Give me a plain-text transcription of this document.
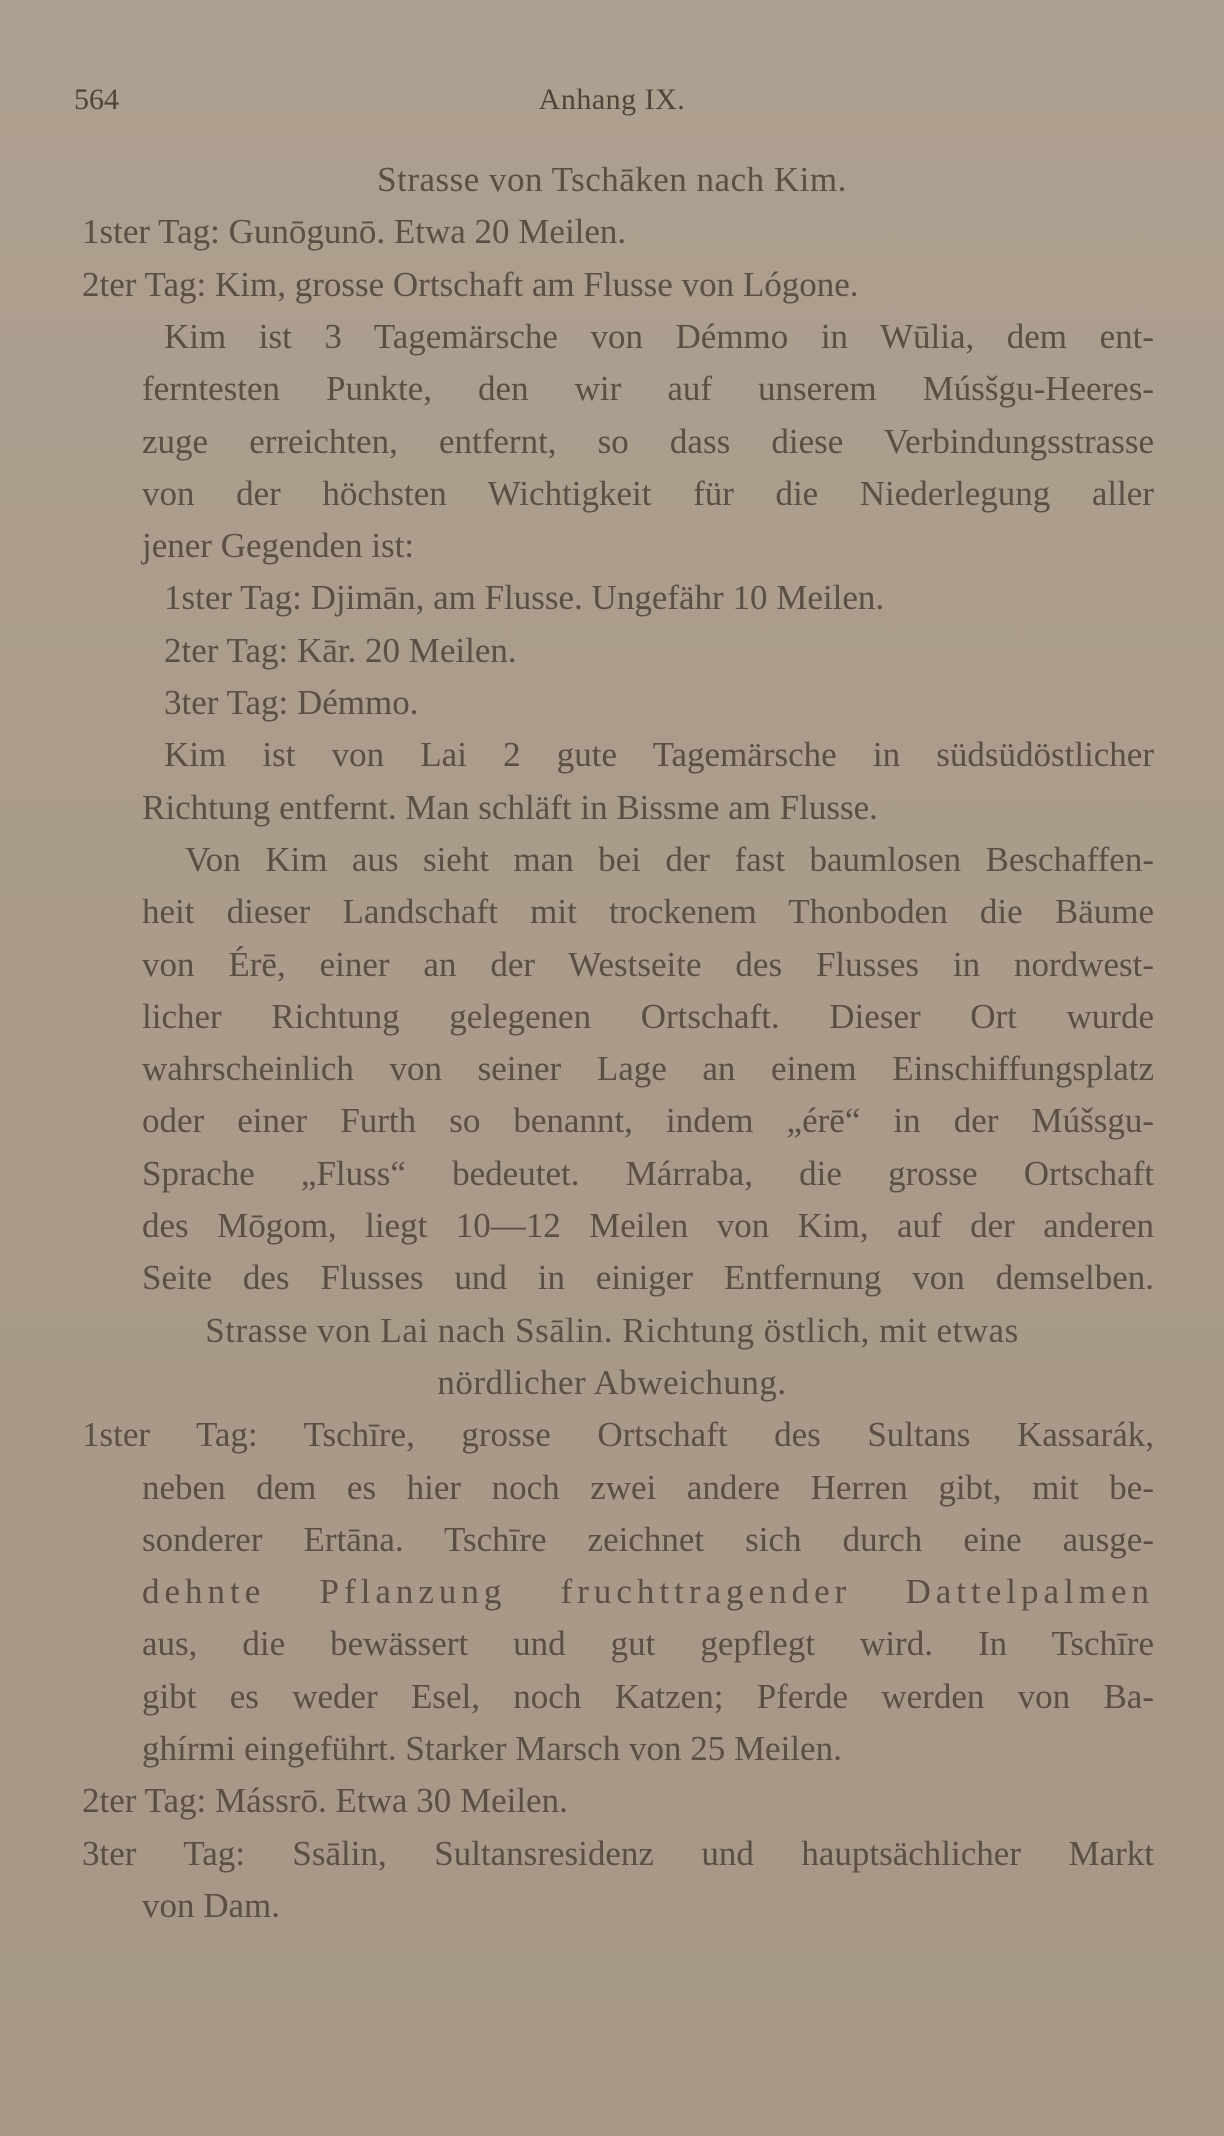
564	Anhang IX.
Strasse von Tschāken nach Kim.
1ster Tag: Gunōgunō. Etwa 20 Meilen.
2ter Tag: Kim, grosse Ortschaft am Flusse von Lógone.
Kim ist 3 Tagemärsche von Démmo in Wūlia, dem ent-
ferntesten Punkte, den wir auf unserem Músšgu-Heeres-
zuge erreichten, entfernt, so dass diese Verbindungsstrasse
von der höchsten Wichtigkeit für die Niederlegung aller
jener Gegenden ist:
1ster Tag: Djimān, am Flusse. Ungefähr 10 Meilen.
2ter Tag: Kār. 20 Meilen.
3ter Tag: Démmo.
Kim ist von Lai 2 gute Tagemärsche in südsüdöstlicher
Richtung entfernt. Man schläft in Bissme am Flusse.
Von Kim aus sieht man bei der fast baumlosen Beschaffen-
heit dieser Landschaft mit trockenem Thonboden die Bäume
von Érē, einer an der Westseite des Flusses in nordwest-
licher Richtung gelegenen Ortschaft. Dieser Ort wurde
wahrscheinlich von seiner Lage an einem Einschiffungsplatz
oder einer Furth so benannt, indem „érē“ in der Múšsgu-
Sprache „Fluss“ bedeutet. Márraba, die grosse Ortschaft
des Mōgom, liegt 10—12 Meilen von Kim, auf der anderen
Seite des Flusses und in einiger Entfernung von demselben.
Strasse von Lai nach Ssālin. Richtung östlich, mit etwas
nördlicher Abweichung.
1ster Tag: Tschīre, grosse Ortschaft des Sultans Kassarák,
neben dem es hier noch zwei andere Herren gibt, mit be-
sonderer Ertāna. Tschīre zeichnet sich durch eine ausge-
dehnte Pflanzung fruchttragender Dattelpalmen
aus, die bewässert und gut gepflegt wird. In Tschīre
gibt es weder Esel, noch Katzen; Pferde werden von Ba-
ghírmi eingeführt. Starker Marsch von 25 Meilen.
2ter Tag: Mássrō. Etwa 30 Meilen.
3ter Tag: Ssālin, Sultansresidenz und hauptsächlicher Markt
von Dam.
